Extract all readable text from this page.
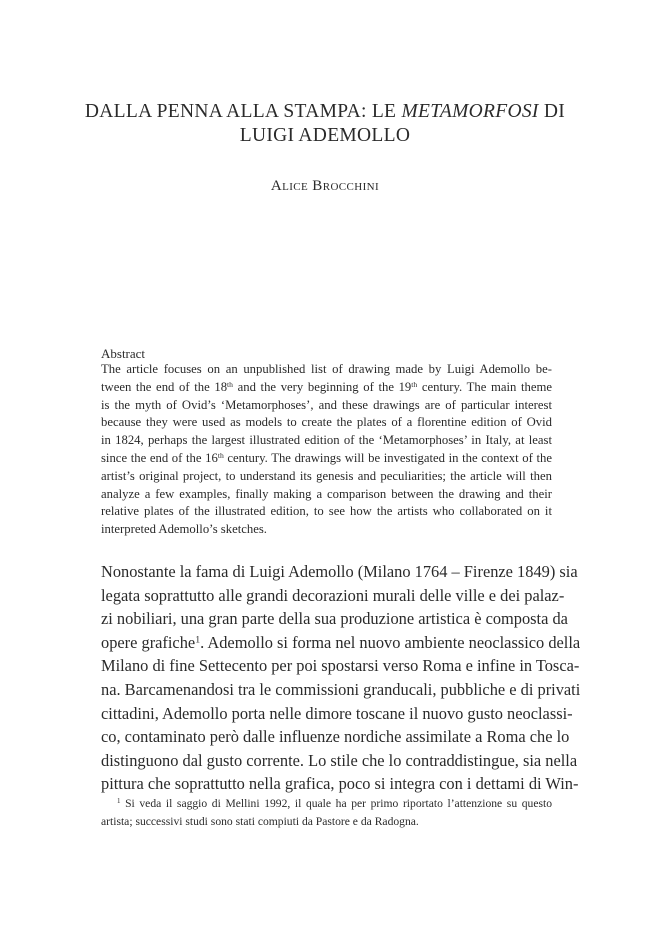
DALLA PENNA ALLA STAMPA: LE METAMORFOSI DI
LUIGI ADEMOLLO

Alice Brocchini

Abstract

The article focuses on an unpublished list of drawing made by Luigi Ademollo be-
tween the end of the 18th and the very beginning of the 19th century. The main theme
is the myth of Ovid’s ‘Metamorphoses’, and these drawings are of particular interest
because they were used as models to create the plates of a florentine edition of Ovid
in 1824, perhaps the largest illustrated edition of the ‘Metamorphoses’ in Italy, at least
since the end of the 16th century. The drawings will be investigated in the context of the
artist’s original project, to understand its genesis and peculiarities; the article will then
analyze a few examples, finally making a comparison between the drawing and their
relative plates of the illustrated edition, to see how the artists who collaborated on it
interpreted Ademollo’s sketches.
Nonostante la fama di Luigi Ademollo (Milano 1764 – Firenze 1849) sia
legata soprattutto alle grandi decorazioni murali delle ville e dei palaz-
zi nobiliari, una gran parte della sua produzione artistica è composta da
opere grafiche$^1$. Ademollo si forma nel nuovo ambiente neoclassico della
Milano di fine Settecento per poi spostarsi verso Roma e infine in Tosca-
na. Barcamenandosi tra le commissioni granducali, pubbliche e di privati
cittadini, Ademollo porta nelle dimore toscane il nuovo gusto neoclassi-
co, contaminato però dalle influenze nordiche assimilate a Roma che lo
distinguono dal gusto corrente. Lo stile che lo contraddistingue, sia nella
pittura che soprattutto nella grafica, poco si integra con i dettami di Win-
$^1$ Si veda il saggio di Mellini 1992, il quale ha per primo riportato l’attenzione su questo
artista; successivi studi sono stati compiuti da Pastore e da Radogna.
